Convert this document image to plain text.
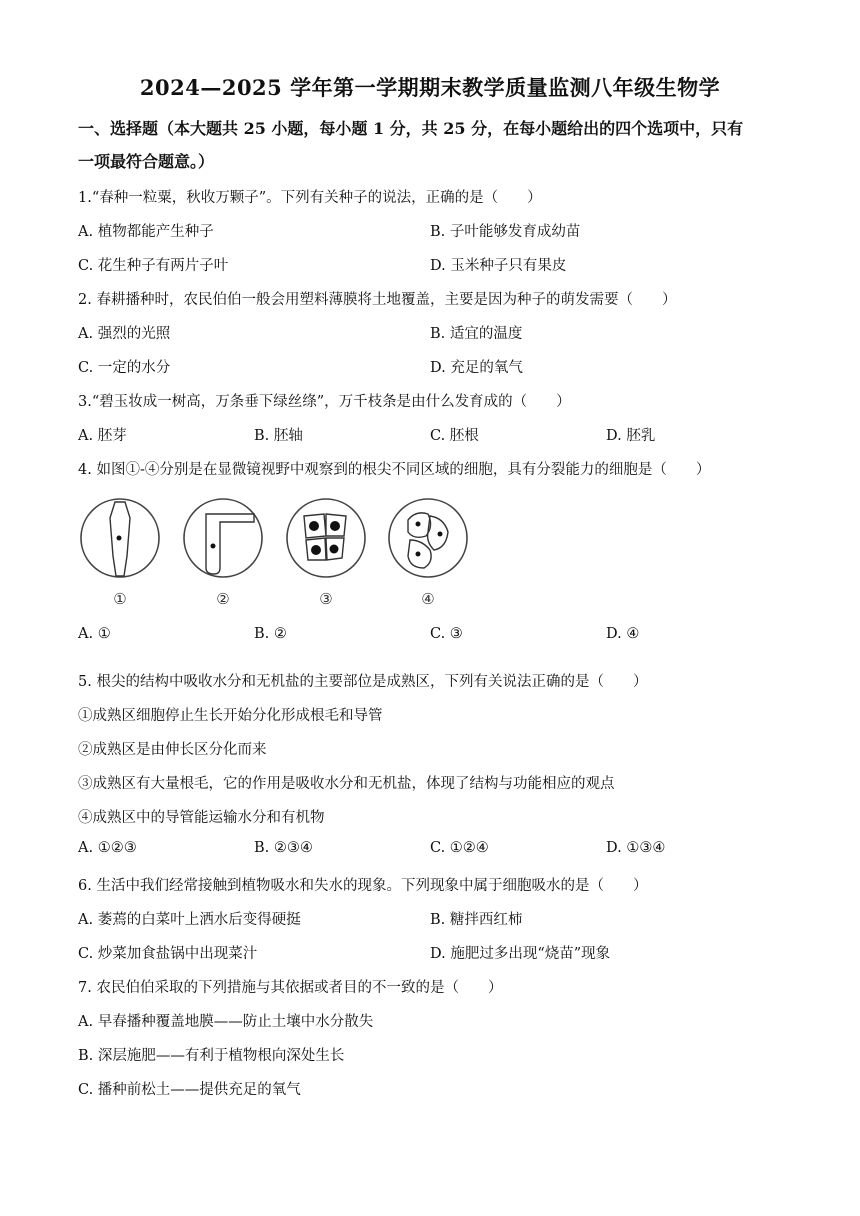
2024—2025 学年第一学期期末教学质量监测八年级生物学
一、选择题（本大题共 25 小题，每小题 1 分，共 25 分，在每小题给出的四个选项中，只有
一项最符合题意。）
1.“春种一粒粟，秋收万颗子”。下列有关种子的说法，正确的是（　　）
A. 植物都能产生种子	B. 子叶能够发育成幼苗
C. 花生种子有两片子叶	D. 玉米种子只有果皮
2. 春耕播种时，农民伯伯一般会用塑料薄膜将土地覆盖，主要是因为种子的萌发需要（　　）
A. 强烈的光照	B. 适宜的温度
C. 一定的水分	D. 充足的氧气
3.“碧玉妆成一树高，万条垂下绿丝绦”，万千枝条是由什么发育成的（　　）
A. 胚芽	B. 胚轴	C. 胚根	D. 胚乳
4. 如图①-④分别是在显微镜视野中观察到的根尖不同区域的细胞，具有分裂能力的细胞是（　　）
①	②	③	④
A. ①	B. ②	C. ③	D. ④
5. 根尖的结构中吸收水分和无机盐的主要部位是成熟区，下列有关说法正确的是（　　）
①成熟区细胞停止生长开始分化形成根毛和导管
②成熟区是由伸长区分化而来
③成熟区有大量根毛，它的作用是吸收水分和无机盐，体现了结构与功能相应的观点
④成熟区中的导管能运输水分和有机物
A. ①②③	B. ②③④	C. ①②④	D. ①③④
6. 生活中我们经常接触到植物吸水和失水的现象。下列现象中属于细胞吸水的是（　　）
A. 萎蔫的白菜叶上洒水后变得硬挺	B. 糖拌西红柿
C. 炒菜加食盐锅中出现菜汁	D. 施肥过多出现“烧苗”现象
7. 农民伯伯采取的下列措施与其依据或者目的不一致的是（　　）
A. 早春播种覆盖地膜——防止土壤中水分散失
B. 深层施肥——有利于植物根向深处生长
C. 播种前松土——提供充足的氧气
